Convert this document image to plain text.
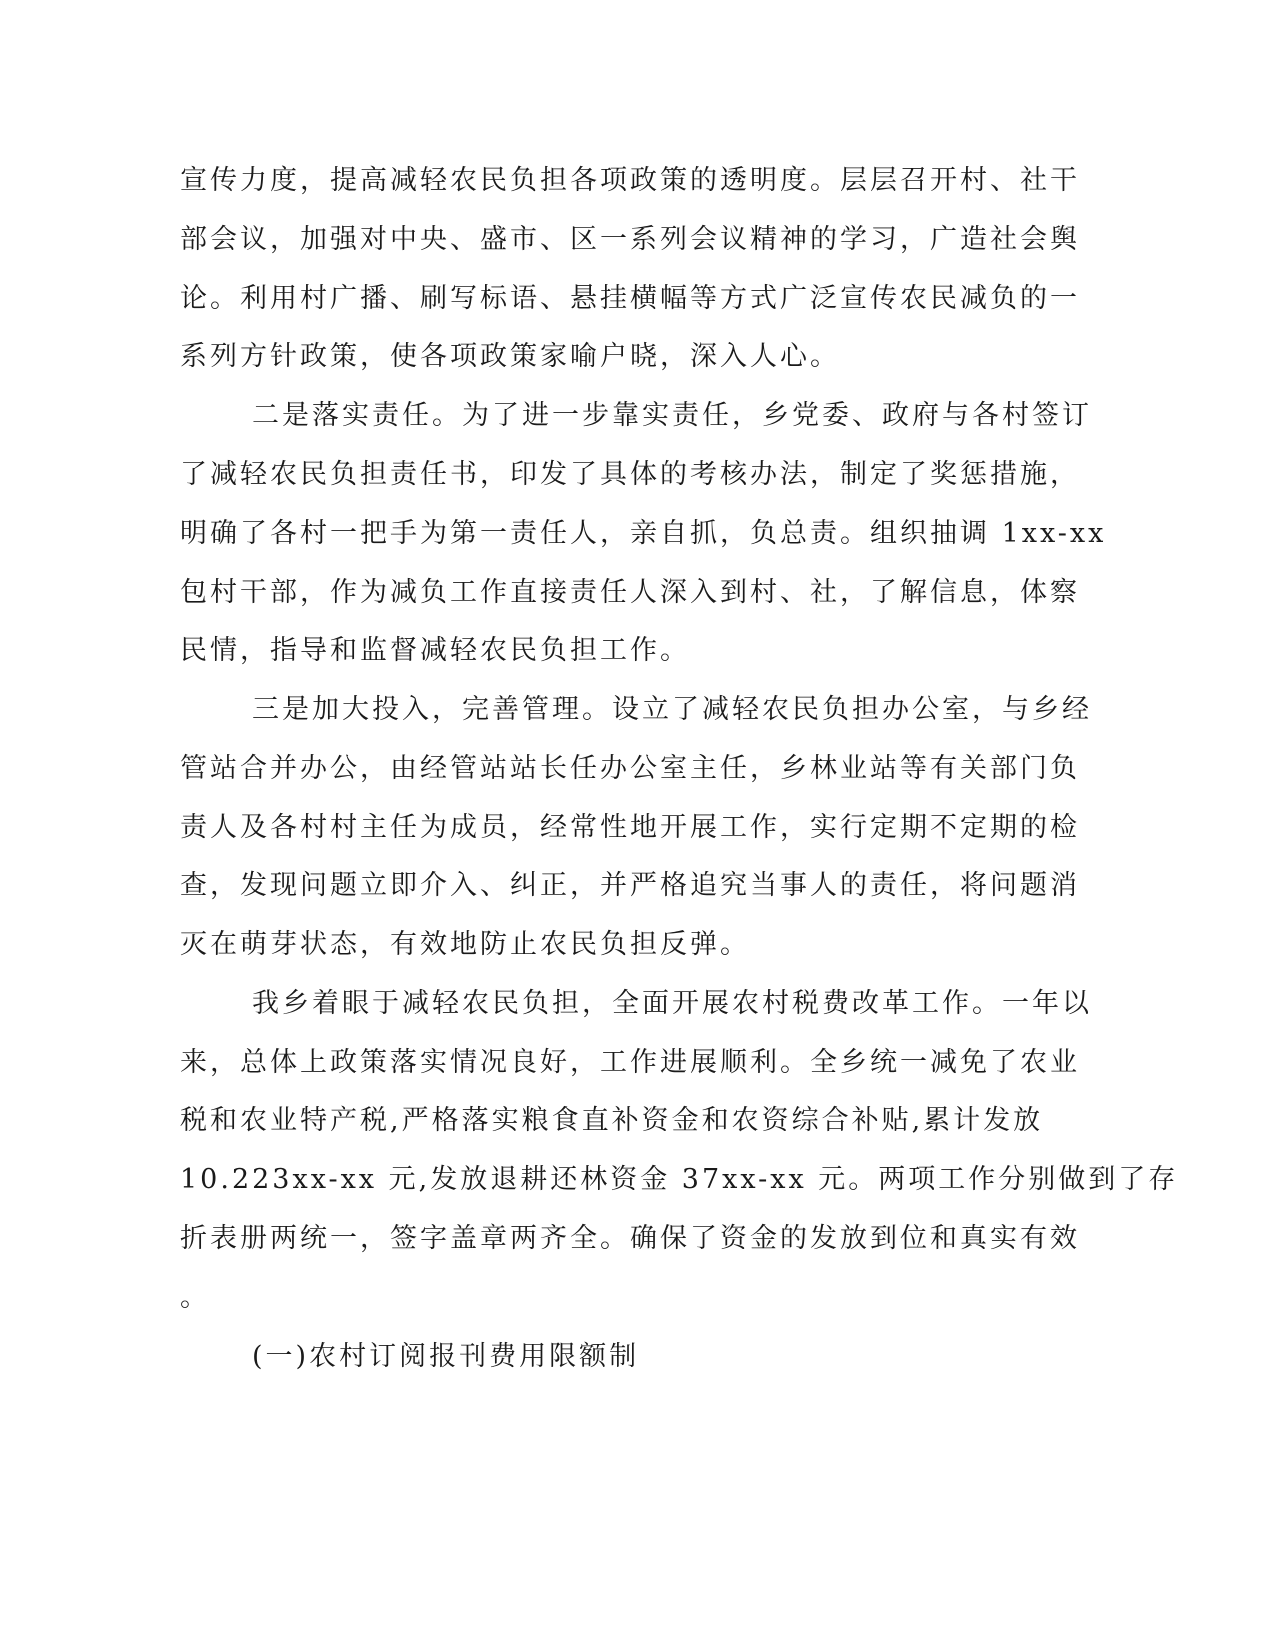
宣传力度，提高减轻农民负担各项政策的透明度。层层召开村、社干

部会议，加强对中央、盛市、区一系列会议精神的学习，广造社会舆

论。利用村广播、刷写标语、悬挂横幅等方式广泛宣传农民减负的一

系列方针政策，使各项政策家喻户晓，深入人心。

二是落实责任。为了进一步靠实责任，乡党委、政府与各村签订

了减轻农民负担责任书，印发了具体的考核办法，制定了奖惩措施，

明确了各村一把手为第一责任人，亲自抓，负总责。组织抽调 1xx-xx

包村干部，作为减负工作直接责任人深入到村、社，了解信息，体察

民情，指导和监督减轻农民负担工作。

三是加大投入，完善管理。设立了减轻农民负担办公室，与乡经

管站合并办公，由经管站站长任办公室主任，乡林业站等有关部门负

责人及各村村主任为成员，经常性地开展工作，实行定期不定期的检

查，发现问题立即介入、纠正，并严格追究当事人的责任，将问题消

灭在萌芽状态，有效地防止农民负担反弹。

我乡着眼于减轻农民负担，全面开展农村税费改革工作。一年以

来，总体上政策落实情况良好，工作进展顺利。全乡统一减免了农业

税和农业特产税,严格落实粮食直补资金和农资综合补贴,累计发放

10.223xx-xx 元,发放退耕还林资金 37xx-xx 元。两项工作分别做到了存

折表册两统一，签字盖章两齐全。确保了资金的发放到位和真实有效

。

(一)农村订阅报刊费用限额制
